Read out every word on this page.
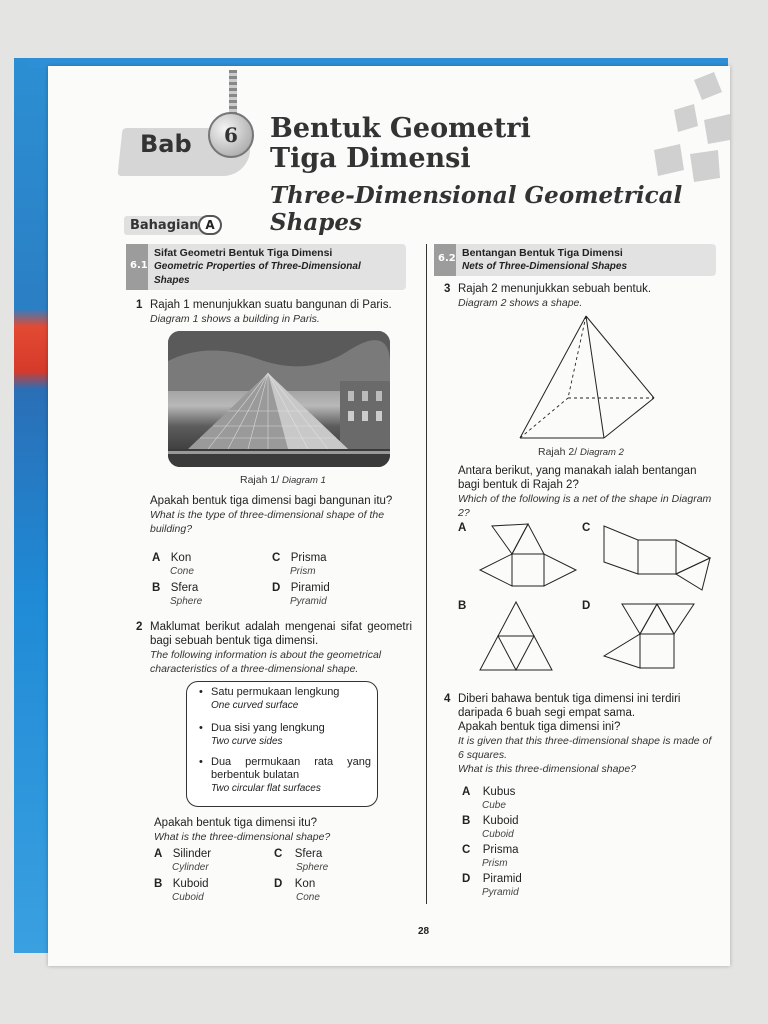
Bab	6	Bentuk Geometri
Tiga Dimensi
Three-Dimensional Geometrical Shapes
Bahagian A
6.1
Sifat Geometri Bentuk Tiga Dimensi
Geometric Properties of Three-Dimensional Shapes
6.2 Bentangan Bentuk Tiga Dimensi
Nets of Three-Dimensional Shapes
1 Rajah 1 menunjukkan suatu bangunan di Paris.
Diagram 1 shows a building in Paris.
Rajah 1/ Diagram 1
Apakah bentuk tiga dimensi bagi bangunan itu?
What is the type of three-dimensional shape of the building?
A Kon
Cone
C Prisma
Prism
B Sfera
Sphere
D Piramid
Pyramid
2 Maklumat berikut adalah mengenai sifat geometri bagi sebuah bentuk tiga dimensi.
The following information is about the geometrical characteristics of a three-dimensional shape.
• Satu permukaan lengkung
One curved surface
• Dua sisi yang lengkung
Two curve sides
• Dua permukaan rata yang berbentuk bulatan
Two circular flat surfaces
Apakah bentuk tiga dimensi itu?
What is the three-dimensional shape?
A Silinder
Cylinder
C Sfera
Sphere
B Kuboid
Cuboid
D Kon
Cone
3 Rajah 2 menunjukkan sebuah bentuk.
Diagram 2 shows a shape.
Rajah 2/ Diagram 2
Antara berikut, yang manakah ialah bentangan bagi bentuk di Rajah 2?
Which of the following is a net of the shape in Diagram 2?
A	C
B	D
4 Diberi bahawa bentuk tiga dimensi ini terdiri daripada 6 buah segi empat sama.
Apakah bentuk tiga dimensi ini?
It is given that this three-dimensional shape is made of 6 squares.
What is this three-dimensional shape?
A Kubus
Cube
B Kuboid
Cuboid
C Prisma
Prism
D Piramid
Pyramid
28
